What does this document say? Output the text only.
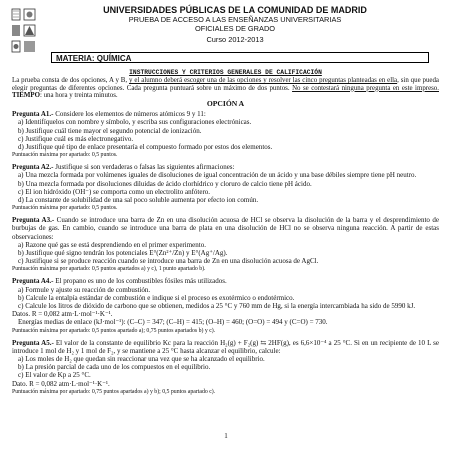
UNIVERSIDADES PÚBLICAS DE LA COMUNIDAD DE MADRID
PRUEBA DE ACCESO A LAS ENSEÑANZAS UNIVERSITARIAS
OFICIALES DE GRADO
Curso 2012-2013
MATERIA: QUÍMICA
INSTRUCCIONES Y CRITERIOS GENERALES DE CALIFICACIÓN
La prueba consta de dos opciones, A y B, y el alumno deberá escoger una de las opciones y resolver las cinco preguntas planteadas en ella, sin que pueda elegir preguntas de diferentes opciones. Cada pregunta puntuará sobre un máximo de dos puntos. No se contestará ninguna pregunta en este impreso. TIEMPO: una hora y treinta minutos.
OPCIÓN A

Pregunta A1.- Considere los elementos de números atómicos 9 y 11:

a) Identifíquelos con nombre y símbolo, y escriba sus configuraciones electrónicas.

b) Justifique cuál tiene mayor el segundo potencial de ionización.

c) Justifique cuál es más electronegativo.

d) Justifique qué tipo de enlace presentaría el compuesto formado por estos dos elementos.

Puntuación máxima por apartado: 0,5 puntos.

Pregunta A2.- Justifique si son verdaderas o falsas las siguientes afirmaciones:

a) Una mezcla formada por volúmenes iguales de disoluciones de igual concentración de un ácido y una base débiles siempre tiene pH neutro.

b) Una mezcla formada por disoluciones diluidas de ácido clorhídrico y cloruro de calcio tiene pH ácido.

c) El ion hidróxido (OH⁻) se comporta como un electrolito anfótero.

d) La constante de solubilidad de una sal poco soluble aumenta por efecto ion común.

Puntuación máxima por apartado: 0,5 puntos.

Pregunta A3.- Cuando se introduce una barra de Zn en una disolución acuosa de HCl se observa la disolución de la barra y el desprendimiento de burbujas de gas. En cambio, cuando se introduce una barra de plata en una disolución de HCl no se observa ninguna reacción. A partir de estas observaciones:

a) Razone qué gas se está desprendiendo en el primer experimento.

b) Justifique qué signo tendrán los potenciales E°(Zn²⁺/Zn) y E°(Ag⁺/Ag).

c) Justifique si se produce reacción cuando se introduce una barra de Zn en una disolución acuosa de AgCl.

Puntuación máxima por apartado: 0,5 puntos apartados a) y c), 1 punto apartado b).

Pregunta A4.- El propano es uno de los combustibles fósiles más utilizados.

a) Formule y ajuste su reacción de combustión.

b) Calcule la entalpía estándar de combustión e indique si el proceso es exotérmico o endotérmico.

c) Calcule los litros de dióxido de carbono que se obtienen, medidos a 25 °C y 760 mm de Hg, si la energía intercambiada ha sido de 5990 kJ.

Datos. R = 0,082 atm·L·mol⁻¹·K⁻¹.

Energías medias de enlace (kJ·mol⁻¹): (C–C) = 347; (C–H) = 415; (O–H) = 460; (O=O) = 494 y (C=O) = 730.

Puntuación máxima por apartado: 0,5 puntos apartado a); 0,75 puntos apartados b) y c).

Pregunta A5.- El valor de la constante de equilibrio Kc para la reacción H₂(g) + F₂(g) ⇆ 2HF(g), es 6,6×10⁻⁴ a 25 °C. Si en un recipiente de 10 L se introduce 1 mol de H₂ y 1 mol de F₂, y se mantiene a 25 °C hasta alcanzar el equilibrio, calcule:

a) Los moles de H₂ que quedan sin reaccionar una vez que se ha alcanzado el equilibrio.

b) La presión parcial de cada uno de los compuestos en el equilibrio.

c) El valor de Kp a 25 °C.

Dato. R = 0,082 atm·L·mol⁻¹·K⁻¹.

Puntuación máxima por apartado: 0,75 puntos apartados a) y b); 0,5 puntos apartado c).

1
